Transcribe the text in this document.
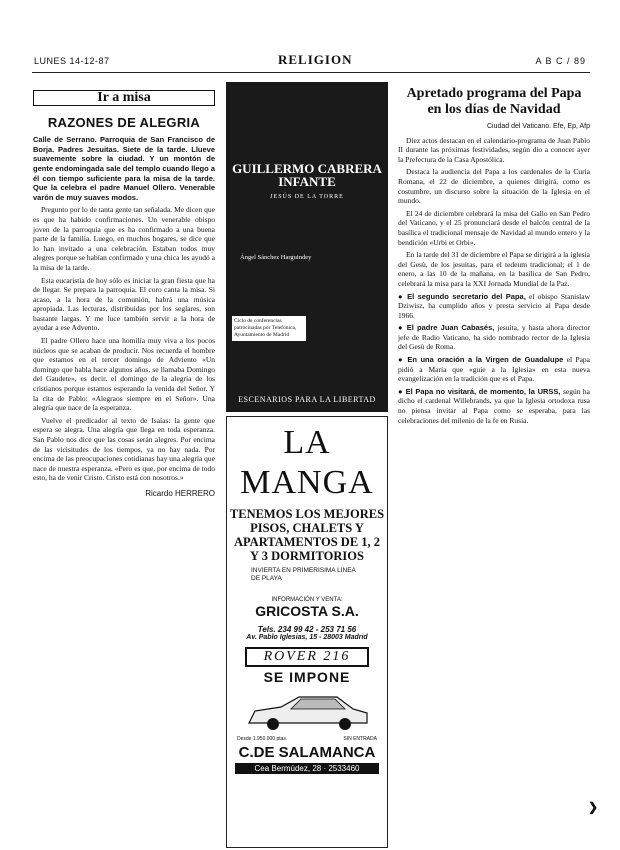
LUNES 14-12-87	RELIGION	A B C / 89
Ir a misa
RAZONES DE ALEGRIA

Calle de Serrano. Parroquia de San Francisco de Borja. Padres Jesuitas. Siete de la tarde. Llueve suavemente sobre la ciudad. Y un montón de gente endomingada sale del templo cuando llego a él con tiempo suficiente para la misa de la tarde. Que la celebra el padre Manuel Ollero. Venerable varón de muy suaves modos.

Pregunto por lo de tanta gente tan señalada. Me dicen que es que ha habido confirmaciones. Un venerable obispo joven de la parroquia que es ha confirmado a una buena parte de la familia. Luego, en muchos hogares, se dice que lo han invitado a una celebración. Estaban todos muy alegres porque se habían confirmado y una chica les ayudó a la misa de la tarde.

Esta eucaristía de hoy sólo es iniciar la gran fiesta que ha de llegar. Se prepara la parroquia. El coro canta la misa. Si acaso, a la hora de la comunión, habrá una música apropiada. Las lecturas, distribuidas por los seglares, son bastante largas. Y me luce también servir a la hora de ayudar a ese Advento.

El padre Ollero hace una homilía muy viva a los pocos núcleos que se acaban de producir. Nos recuerda el hombre que estamos en el tercer domingo de Adviento «Un domingo que habla hace algunos años, se llamaba Domingo del Gaudete», es decir, el domingo de la alegría de los cristianos porque estamos esperando la venida del Señor. Y la cita de Pablo: «Alegraos siempre en el Señor». Una alegría que nace de la esperanza.

Vuelve el predicador al texto de Isaías: la gente que espera se alegra. Una alegría que llega en toda esperanza. San Pablo nos dice que las cosas serán alegres. Por encima de las vicisitudes de los tiempos, ya no hay nada. Por encima de las preocupaciones cotidianas hay una alegría que nace de nuestra esperanza. «Pero es que, por encima de todo esto, ha de venir Cristo. Cristo está con nosotros.»

Ricardo HERRERO
GUILLERMO CABRERA INFANTE
JESÚS DE LA TORRE
Ángel Sánchez Harguindey
Ciclo de conferencias patrocinadas por Telefónica, Ayuntamiento de Madrid
ESCENARIOS PARA LA LIBERTAD
LA MANGA
TENEMOS LOS MEJORES PISOS, CHALETS Y APARTAMENTOS DE 1, 2 Y 3 DORMITORIOS
INVIERTA EN PRIMERISIMA LINEA DE PLAYA
INFORMACIÓN Y VENTA:
GRICOSTA S.A.
Tels. 234 99 42 - 253 71 56
Av. Pablo Iglesias, 15 - 28003 Madrid
ROVER 216
SE IMPONE
Desde 1.950.000 ptas.	SIN ENTRADA
C.DE SALAMANCA
Cea Bermúdez, 28 · 2533460
Apretado programa del Papa en los días de Navidad
Ciudad del Vaticano. Efe, Ep, Afp

Diez actos destacan en el calendario-programa de Juan Pablo II durante las próximas festividades, según dio a conocer ayer la Prefectura de la Casa Apostólica.

Destaca la audiencia del Papa a los cardenales de la Curia Romana, el 22 de diciembre, a quienes dirigirá, como es costumbre, un discurso sobre la situación de la Iglesia en el mundo.

El 24 de diciembre celebrará la misa del Gallo en San Pedro del Vaticano, y el 25 pronunciará desde el balcón central de la basílica el tradicional mensaje de Navidad al mundo entero y la bendición «Urbi et Orbi».

En la tarde del 31 de diciembre el Papa se dirigirá a la iglesia del Gesù, de los jesuitas, para el tedeum tradicional; el 1 de enero, a las 10 de la mañana, en la basílica de San Pedro, celebrará la misa para la XXI Jornada Mundial de la Paz.

● El segundo secretario del Papa, el obispo Stanislaw Dziwisz, ha cumplido años y presta servicio al Papa desde 1966.

● El padre Juan Cabasés, jesuita, y hasta ahora director jefe de Radio Vaticano, ha sido nombrado rector de la Iglesia del Gesù de Roma.

● En una oración a la Virgen de Guadalupe el Papa pidió a María que «guíe a la Iglesia» en esta nueva evangelización en la tradición que es el Papa.

● El Papa no visitará, de momento, la URSS, según ha dicho el cardenal Willebrands, ya que la Iglesia ortodoxa rusa no piensa invitar al Papa como se esperaba, para las celebraciones del milenio de la fe en Rusia.

❯
